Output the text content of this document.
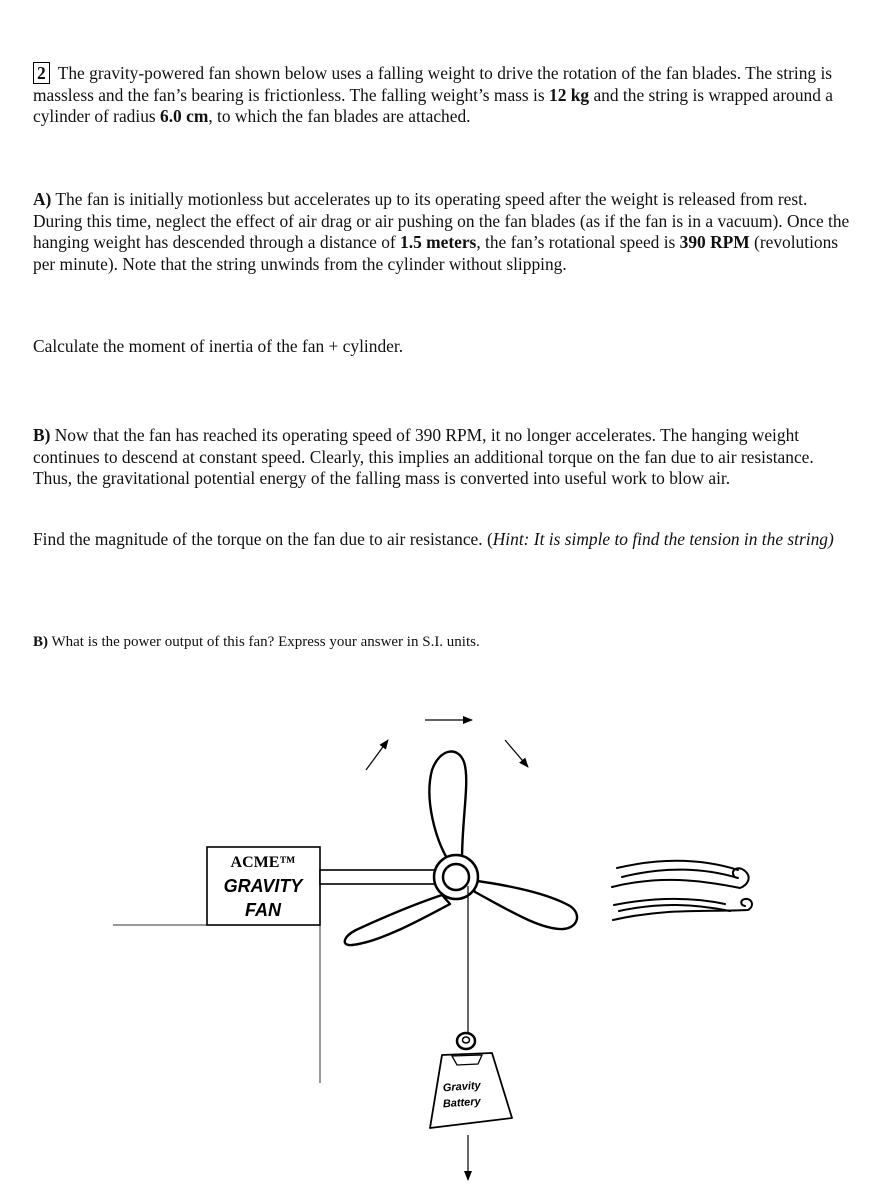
2 The gravity-powered fan shown below uses a falling weight to drive the rotation of the fan blades. The string is massless and the fan’s bearing is frictionless. The falling weight’s mass is 12 kg and the string is wrapped around a cylinder of radius 6.0 cm, to which the fan blades are attached.

A) The fan is initially motionless but accelerates up to its operating speed after the weight is released from rest. During this time, neglect the effect of air drag or air pushing on the fan blades (as if the fan is in a vacuum). Once the hanging weight has descended through a distance of 1.5 meters, the fan’s rotational speed is 390 RPM (revolutions per minute). Note that the string unwinds from the cylinder without slipping.

Calculate the moment of inertia of the fan + cylinder.

B) Now that the fan has reached its operating speed of 390 RPM, it no longer accelerates. The hanging weight continues to descend at constant speed. Clearly, this implies an additional torque on the fan due to air resistance. Thus, the gravitational potential energy of the falling mass is converted into useful work to blow air.

Find the magnitude of the torque on the fan due to air resistance. (Hint: It is simple to find the tension in the string)

B) What is the power output of this fan? Express your answer in S.I. units.

ACME™
GRAVITY
FAN
Gravity
Battery
